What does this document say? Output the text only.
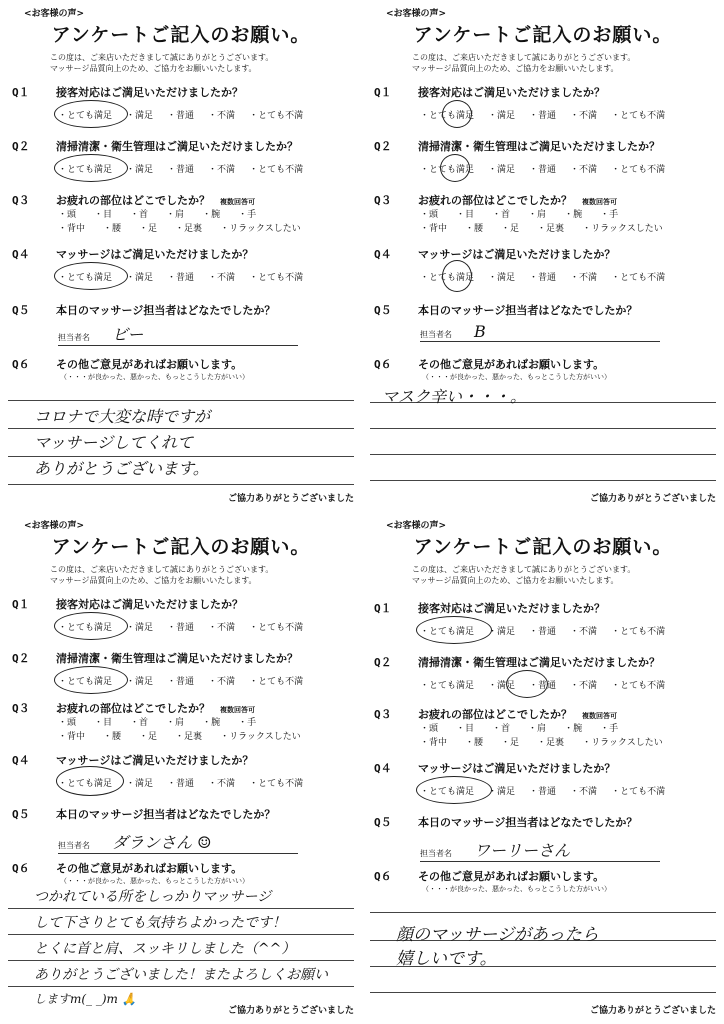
<お客様の声>
アンケートご記入のお願い。
この度は、ご来店いただきまして誠にありがとうございます。
マッサージ品質向上のため、ご協力をお願いいたします。
Q１ 接客対応はご満足いただけましたか？
・とても満足 ・満足 ・普通 ・不満 ・とても不満
Q２ 清掃清潔・衛生管理はご満足いただけましたか？
・とても満足 ・満足 ・普通 ・不満 ・とても不満
Q３ お疲れの部位はどこでしたか？ 複数回答可
・頭 ・目 ・首 ・肩 ・腕 ・手
・背中 ・腰 ・足 ・足裏 ・リラックスしたい
Q４ マッサージはご満足いただけましたか？
・とても満足 ・満足 ・普通 ・不満 ・とても不満
Q５ 本日のマッサージ担当者はどなたでしたか？
担当者名 ビー
Q６ その他ご意見があればお願いします。
（・・・が良かった、悪かった、もっとこうした方がいい）
コロナで大変な時ですが
マッサージしてくれて
ありがとうございます。
ご協力ありがとうございました
<お客様の声>
アンケートご記入のお願い。
この度は、ご来店いただきまして誠にありがとうございます。
マッサージ品質向上のため、ご協力をお願いいたします。
Q１ 接客対応はご満足いただけましたか？
・とても満足 ・満足 ・普通 ・不満 ・とても不満
Q２ 清掃清潔・衛生管理はご満足いただけましたか？
・とても満足 ・満足 ・普通 ・不満 ・とても不満
Q３ お疲れの部位はどこでしたか？ 複数回答可
・頭 ・目 ・首 ・肩 ・腕 ・手
・背中 ・腰 ・足 ・足裏 ・リラックスしたい
Q４ マッサージはご満足いただけましたか？
・とても満足 ・満足 ・普通 ・不満 ・とても不満
Q５ 本日のマッサージ担当者はどなたでしたか？
担当者名 B
Q６ その他ご意見があればお願いします。
（・・・が良かった、悪かった、もっとこうした方がいい）
マスク辛い・・・。
ご協力ありがとうございました
<お客様の声>
アンケートご記入のお願い。
この度は、ご来店いただきまして誠にありがとうございます。
マッサージ品質向上のため、ご協力をお願いいたします。
Q１ 接客対応はご満足いただけましたか？
・とても満足 ・満足 ・普通 ・不満 ・とても不満
Q２ 清掃清潔・衛生管理はご満足いただけましたか？
・とても満足 ・満足 ・普通 ・不満 ・とても不満
Q３ お疲れの部位はどこでしたか？ 複数回答可
・頭 ・目 ・首 ・肩 ・腕 ・手
・背中 ・腰 ・足 ・足裏 ・リラックスしたい
Q４ マッサージはご満足いただけましたか？
・とても満足 ・満足 ・普通 ・不満 ・とても不満
Q５ 本日のマッサージ担当者はどなたでしたか？
担当者名 ダランさん ☺
Q６ その他ご意見があればお願いします。
（・・・が良かった、悪かった、もっとこうした方がいい）
つかれている所をしっかりマッサージ
して下さりとても気持ちよかったです！
とくに首と肩、スッキリしました（^^）
ありがとうございました！またよろしくお願い
しますm(_ _)m 🙏
ご協力ありがとうございました
<お客様の声>
アンケートご記入のお願い。
この度は、ご来店いただきまして誠にありがとうございます。
マッサージ品質向上のため、ご協力をお願いいたします。
Q１ 接客対応はご満足いただけましたか？
・とても満足 ・満足 ・普通 ・不満 ・とても不満
Q２ 清掃清潔・衛生管理はご満足いただけましたか？
・とても満足 ・満足 ・普通 ・不満 ・とても不満
Q３ お疲れの部位はどこでしたか？ 複数回答可
・頭 ・目 ・首 ・肩 ・腕 ・手
・背中 ・腰 ・足 ・足裏 ・リラックスしたい
Q４ マッサージはご満足いただけましたか？
・とても満足 ・満足 ・普通 ・不満 ・とても不満
Q５ 本日のマッサージ担当者はどなたでしたか？
担当者名 ワーリーさん
Q６ その他ご意見があればお願いします。
（・・・が良かった、悪かった、もっとこうした方がいい）
顔のマッサージがあったら
嬉しいです。
ご協力ありがとうございました
